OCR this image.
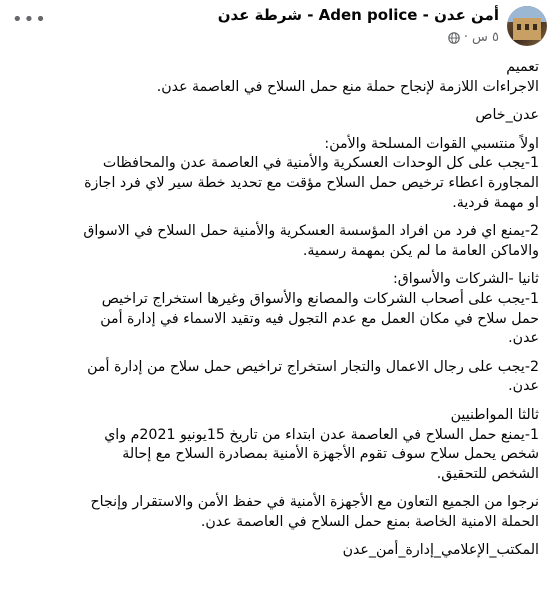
شرطة عدن - Aden police - أمن عدن
· ٥ س
•••
تعميم
الاجراءات اللازمة لإنجاح حملة منع حمل السلاح في العاصمة عدن.
عدن_خاص
اولاً منتسبي القوات المسلحة والأمن:
1-يجب على كل الوحدات العسكرية والأمنية في العاصمة عدن والمحافظات
المجاورة اعطاء ترخيص حمل السلاح مؤقت مع تحديد خطة سير لاي فرد اجازة
او مهمة فردية.
2-يمنع اي فرد من افراد المؤسسة العسكرية والأمنية حمل السلاح في الاسواق
والاماكن العامة ما لم يكن بمهمة رسمية.
ثانيا -الشركات والأسواق:
1-يجب على أصحاب الشركات والمصانع والأسواق وغيرها استخراج تراخيص
حمل سلاح في مكان العمل مع عدم التجول فيه وتقيد الاسماء في إدارة أمن
عدن.
2-يجب على رجال الاعمال والتجار استخراج تراخيص حمل سلاح من إدارة أمن
عدن.
ثالثا المواطنيين
1-يمنع حمل السلاح في العاصمة عدن ابتداء من تاريخ 15يونيو 2021م واي
شخص يحمل سلاح سوف تقوم الأجهزة الأمنية بمصادرة السلاح مع إحالة
الشخص للتحقيق.
نرجوا من الجميع التعاون مع الأجهزة الأمنية في حفظ الأمن والاستقرار وإنجاح
الحملة الامنية الخاصة بمنع حمل السلاح في العاصمة عدن.
المكتب_الإعلامي_إدارة_أمن_عدن
